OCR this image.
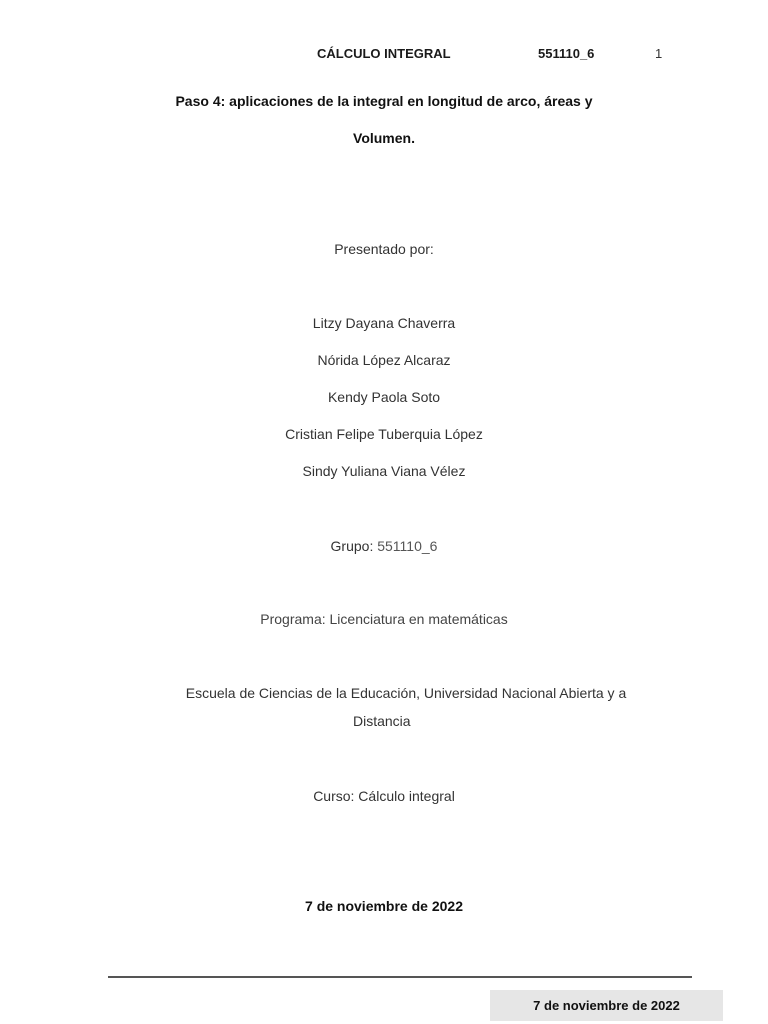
CÁLCULO INTEGRAL	551110_6	1
Paso 4: aplicaciones de la integral en longitud de arco, áreas y
Volumen.
Presentado por:
Litzy Dayana Chaverra
Nórida López Alcaraz
Kendy Paola Soto
Cristian Felipe Tuberquia López
Sindy Yuliana Viana Vélez
Grupo: 551110_6
Programa: Licenciatura en matemáticas
Escuela de Ciencias de la Educación, Universidad Nacional Abierta y a
Distancia
Curso: Cálculo integral
7 de noviembre de 2022
7 de noviembre de 2022
